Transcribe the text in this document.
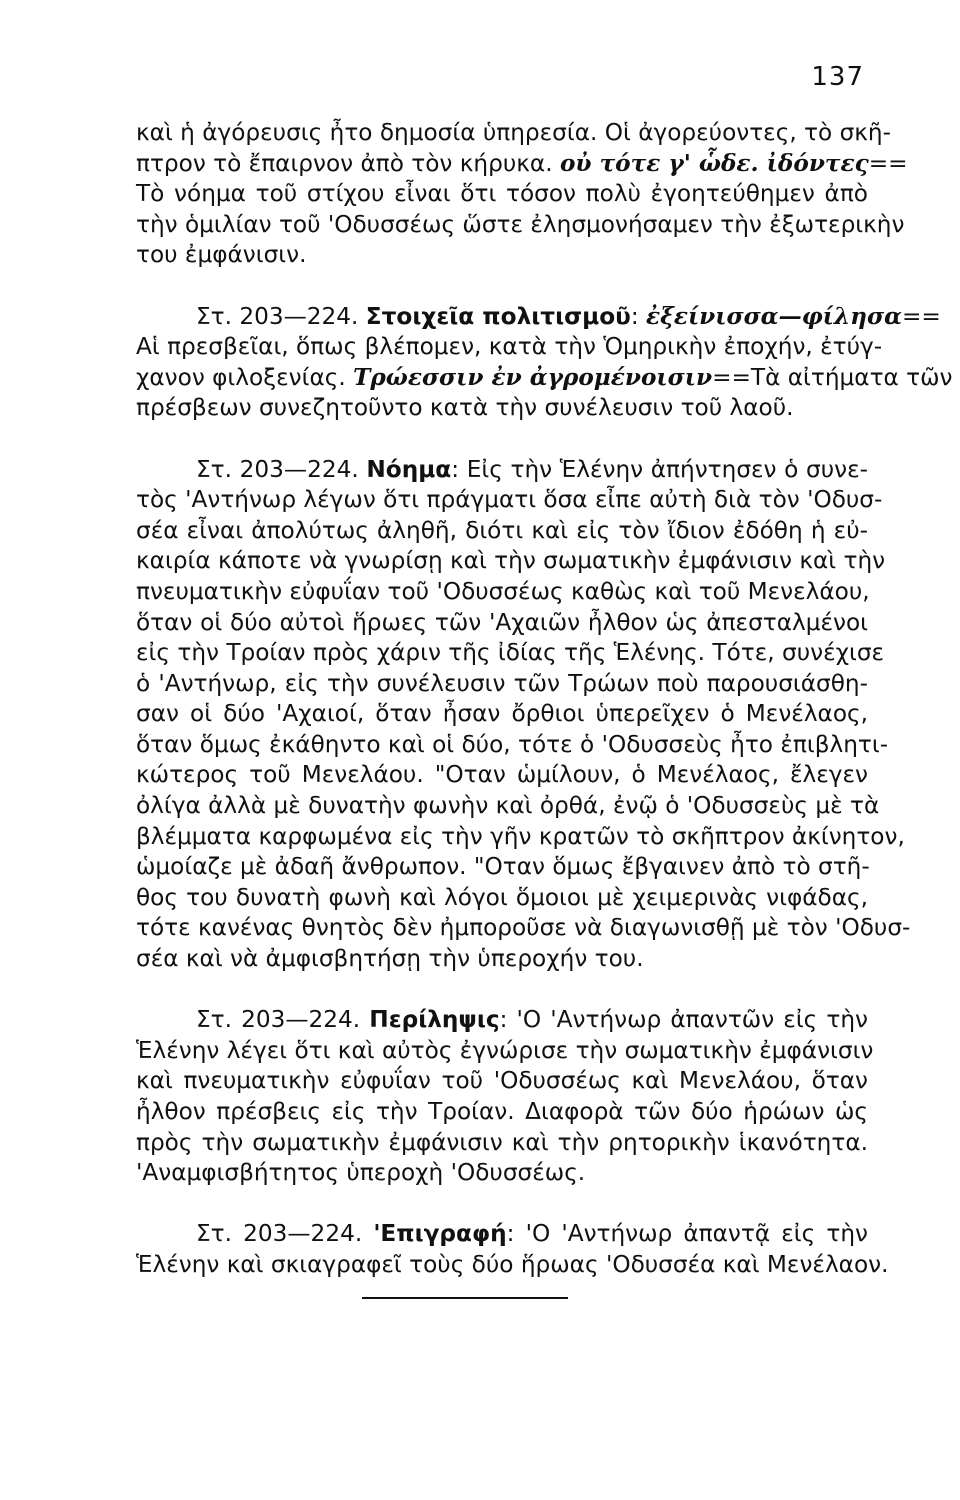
137
καὶ ἡ ἀγόρευσις ἦτο δημοσία ὑπηρεσία. Οἱ ἀγορεύοντες, τὸ σκῆ-
πτρον τὸ ἔπαιρνον ἀπὸ τὸν κήρυκα. οὐ τότε γ' ὧδε. ἰδόντες==
Τὸ νόημα τοῦ στίχου εἶναι ὅτι τόσον πολὺ ἐγοητεύθημεν ἀπὸ
τὴν ὁμιλίαν τοῦ 'Οδυσσέως ὥστε ἐλησμονήσαμεν τὴν ἐξωτερικὴν
του ἐμφάνισιν.
Στ. 203—224. Στοιχεῖα πολιτισμοῦ: ἐξείνισσα—φίλησα==
Αἱ πρεσβεῖαι, ὅπως βλέπομεν, κατὰ τὴν Ὁμηρικὴν ἐποχήν, ἐτύγ-
χανον φιλοξενίας. Τρώεσσιν ἐν ἀγρομένοισιν==Τὰ αἰτήματα τῶν
πρέσβεων συνεζητοῦντο κατὰ τὴν συνέλευσιν τοῦ λαοῦ.
Στ. 203—224. Νόημα: Εἰς τὴν Ἑλένην ἀπήντησεν ὁ συνε-
τὸς 'Αντήνωρ λέγων ὅτι πράγματι ὅσα εἶπε αὐτὴ διὰ τὸν 'Οδυσ-
σέα εἶναι ἀπολύτως ἀληθῆ, διότι καὶ εἰς τὸν ἴδιον ἐδόθη ἡ εὐ-
καιρία κάποτε νὰ γνωρίσῃ καὶ τὴν σωματικὴν ἐμφάνισιν καὶ τὴν
πνευματικὴν εὐφυΐαν τοῦ 'Οδυσσέως καθὼς καὶ τοῦ Μενελάου,
ὅταν οἱ δύο αὐτοὶ ἥρωες τῶν 'Αχαιῶν ἦλθον ὡς ἀπεσταλμένοι
εἰς τὴν Τροίαν πρὸς χάριν τῆς ἰδίας τῆς Ἑλένης. Τότε, συνέχισε
ὁ 'Αντήνωρ, εἰς τὴν συνέλευσιν τῶν Τρώων ποὺ παρουσιάσθη-
σαν οἱ δύο 'Αχαιοί, ὅταν ἦσαν ὄρθιοι ὑπερεῖχεν ὁ Μενέλαος,
ὅταν ὅμως ἐκάθηντο καὶ οἱ δύο, τότε ὁ 'Οδυσσεὺς ἦτο ἐπιβλητι-
κώτερος τοῦ Μενελάου. "Οταν ὡμίλουν, ὁ Μενέλαος, ἔλεγεν
ὀλίγα ἀλλὰ μὲ δυνατὴν φωνὴν καὶ ὀρθά, ἐνῷ ὁ 'Οδυσσεὺς μὲ τὰ
βλέμματα καρφωμένα εἰς τὴν γῆν κρατῶν τὸ σκῆπτρον ἀκίνητον,
ὡμοίαζε μὲ ἀδαῆ ἄνθρωπον. "Οταν ὅμως ἔβγαινεν ἀπὸ τὸ στῆ-
θος του δυνατὴ φωνὴ καὶ λόγοι ὅμοιοι μὲ χειμερινὰς νιφάδας,
τότε κανένας θνητὸς δὲν ἠμποροῦσε νὰ διαγωνισθῇ μὲ τὸν 'Οδυσ-
σέα καὶ νὰ ἀμφισβητήσῃ τὴν ὑπεροχήν του.
Στ. 203—224. Περίληψις: 'Ο 'Αντήνωρ ἀπαντῶν εἰς τὴν
Ἑλένην λέγει ὅτι καὶ αὐτὸς ἐγνώρισε τὴν σωματικὴν ἐμφάνισιν
καὶ πνευματικὴν εὐφυΐαν τοῦ 'Οδυσσέως καὶ Μενελάου, ὅταν
ἦλθον πρέσβεις εἰς τὴν Τροίαν. Διαφορὰ τῶν δύο ἡρώων ὡς
πρὸς τὴν σωματικὴν ἐμφάνισιν καὶ τὴν ρητορικὴν ἱκανότητα.
'Αναμφισβήτητος ὑπεροχὴ 'Οδυσσέως.
Στ. 203—224. 'Επιγραφή: 'Ο 'Αντήνωρ ἀπαντᾷ εἰς τὴν
Ἑλένην καὶ σκιαγραφεῖ τοὺς δύο ἥρωας 'Οδυσσέα καὶ Μενέλαον.
